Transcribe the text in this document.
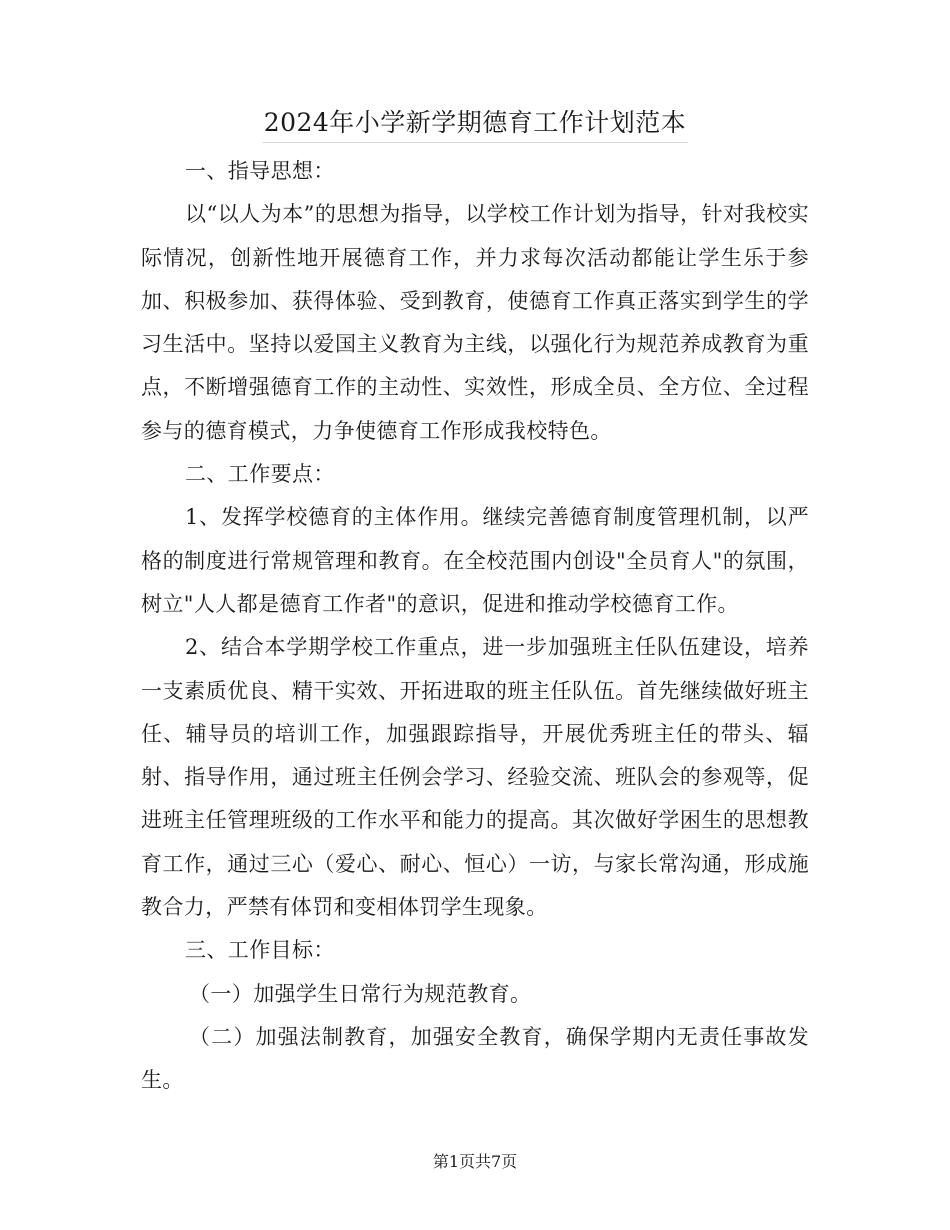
2024年小学新学期德育工作计划范本

一、指导思想：

以“以人为本”的思想为指导，以学校工作计划为指导，针对我校实际情况，创新性地开展德育工作，并力求每次活动都能让学生乐于参加、积极参加、获得体验、受到教育，使德育工作真正落实到学生的学习生活中。坚持以爱国主义教育为主线，以强化行为规范养成教育为重点，不断增强德育工作的主动性、实效性，形成全员、全方位、全过程参与的德育模式，力争使德育工作形成我校特色。

二、工作要点：

1、发挥学校德育的主体作用。继续完善德育制度管理机制，以严格的制度进行常规管理和教育。在全校范围内创设"全员育人"的氛围，树立"人人都是德育工作者"的意识，促进和推动学校德育工作。

2、结合本学期学校工作重点，进一步加强班主任队伍建设，培养一支素质优良、精干实效、开拓进取的班主任队伍。首先继续做好班主任、辅导员的培训工作，加强跟踪指导，开展优秀班主任的带头、辐射、指导作用，通过班主任例会学习、经验交流、班队会的参观等，促进班主任管理班级的工作水平和能力的提高。其次做好学困生的思想教育工作，通过三心（爱心、耐心、恒心）一访，与家长常沟通，形成施教合力，严禁有体罚和变相体罚学生现象。

三、工作目标：

（一）加强学生日常行为规范教育。

（二）加强法制教育，加强安全教育，确保学期内无责任事故发生。

第1页共7页
